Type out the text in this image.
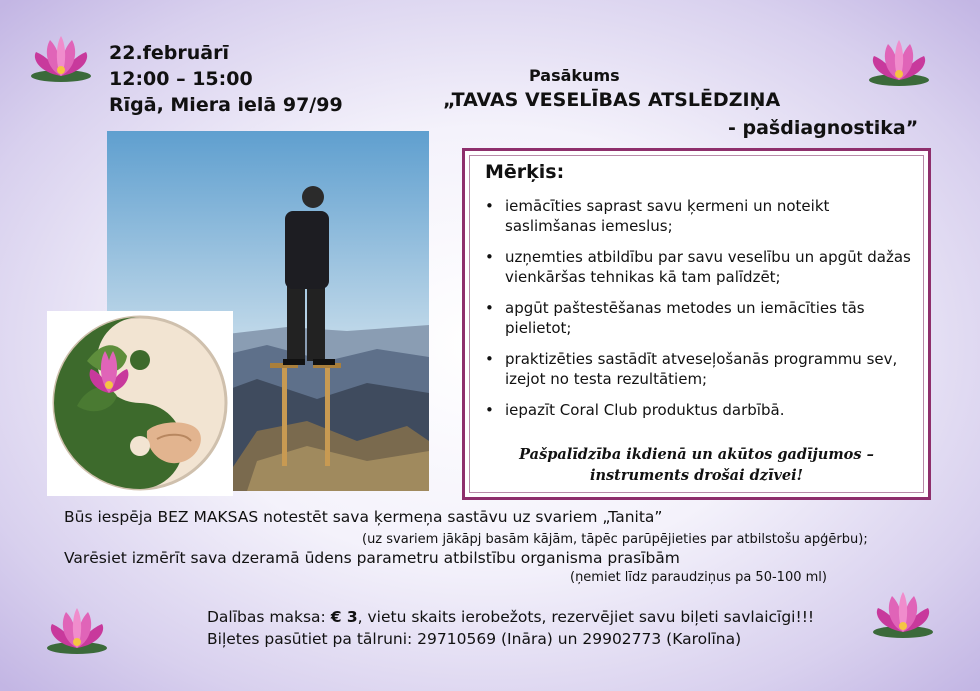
22.februārī
12:00 – 15:00
Rīgā, Miera ielā 97/99
Pasākums
„TAVAS VESELĪBAS ATSLĒDZIŅA
- pašdiagnostika”
Mērķis:
• iemācīties saprast savu ķermeni un noteikt saslimšanas iemeslus;
• uzņemties atbildību par savu veselību un apgūt dažas vienkāršas tehnikas kā tam palīdzēt;
• apgūt paštestēšanas metodes un iemācīties tās pielietot;
• praktizēties sastādīt atveseļošanās programmu sev, izejot no testa rezultātiem;
• iepazīt Coral Club produktus darbībā.
Pašpalīdzība ikdienā un akūtos gadījumos –
instruments drošai dzīvei!
Būs iespēja BEZ MAKSAS notestēt sava ķermeņa sastāvu uz svariem „Tanita”
(uz svariem jākāpj basām kājām, tāpēc parūpējieties par atbilstošu apģērbu);
Varēsiet izmērīt sava dzeramā ūdens parametru atbilstību organisma prasībām
(ņemiet līdz paraudziņus pa 50-100 ml)
Dalības maksa: € 3, vietu skaits ierobežots, rezervējiet savu biļeti savlaicīgi!!!
Biļetes pasūtiet pa tālruni: 29710569 (Ināra) un 29902773 (Karolīna)
